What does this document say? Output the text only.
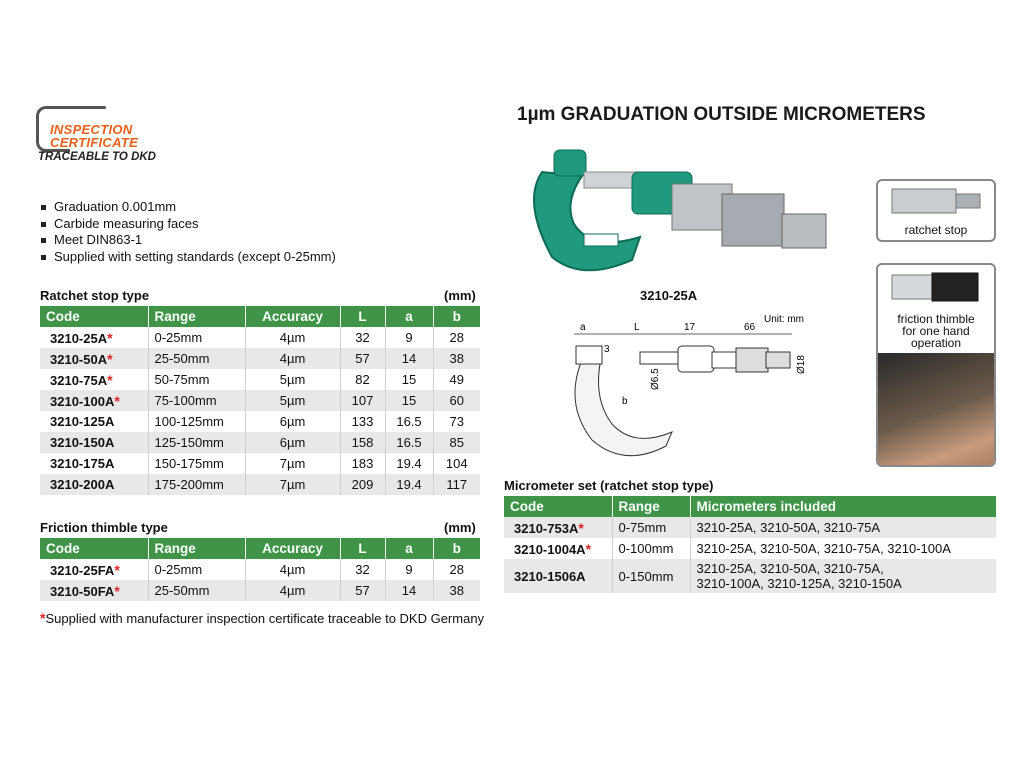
INSPECTION
CERTIFICATE
TRACEABLE TO DKD
1µm GRADUATION OUTSIDE MICROMETERS
Graduation 0.001mm
Carbide measuring faces
Meet DIN863-1
Supplied with setting standards (except 0-25mm)
Ratchet stop type	(mm)
Code	Range	Accuracy	L	a	b
3210-25A*	0-25mm	4µm	32	9	28
3210-50A*	25-50mm	4µm	57	14	38
3210-75A*	50-75mm	5µm	82	15	49
3210-100A*	75-100mm	5µm	107	15	60
3210-125A	100-125mm	6µm	133	16.5	73
3210-150A	125-150mm	6µm	158	16.5	85
3210-175A	150-175mm	7µm	183	19.4	104
3210-200A	175-200mm	7µm	209	19.4	117
Friction thimble type	(mm)
Code	Range	Accuracy	L	a	b
3210-25FA*	0-25mm	4µm	32	9	28
3210-50FA*	25-50mm	4µm	57	14	38
*Supplied with manufacturer inspection certificate traceable to DKD Germany
3210-25A
Unit: mm
a	L	17	66
3
b
Ø6.5
Ø18
ratchet stop
friction thimble
for one hand
operation
Micrometer set (ratchet stop type)
Code	Range	Micrometers included
3210-753A*	0-75mm	3210-25A, 3210-50A, 3210-75A

3210-1004A*	0-100mm	3210-25A, 3210-50A, 3210-75A, 3210-100A

3210-1506A	0-150mm	3210-25A, 3210-50A, 3210-75A,
3210-100A, 3210-125A, 3210-150A
